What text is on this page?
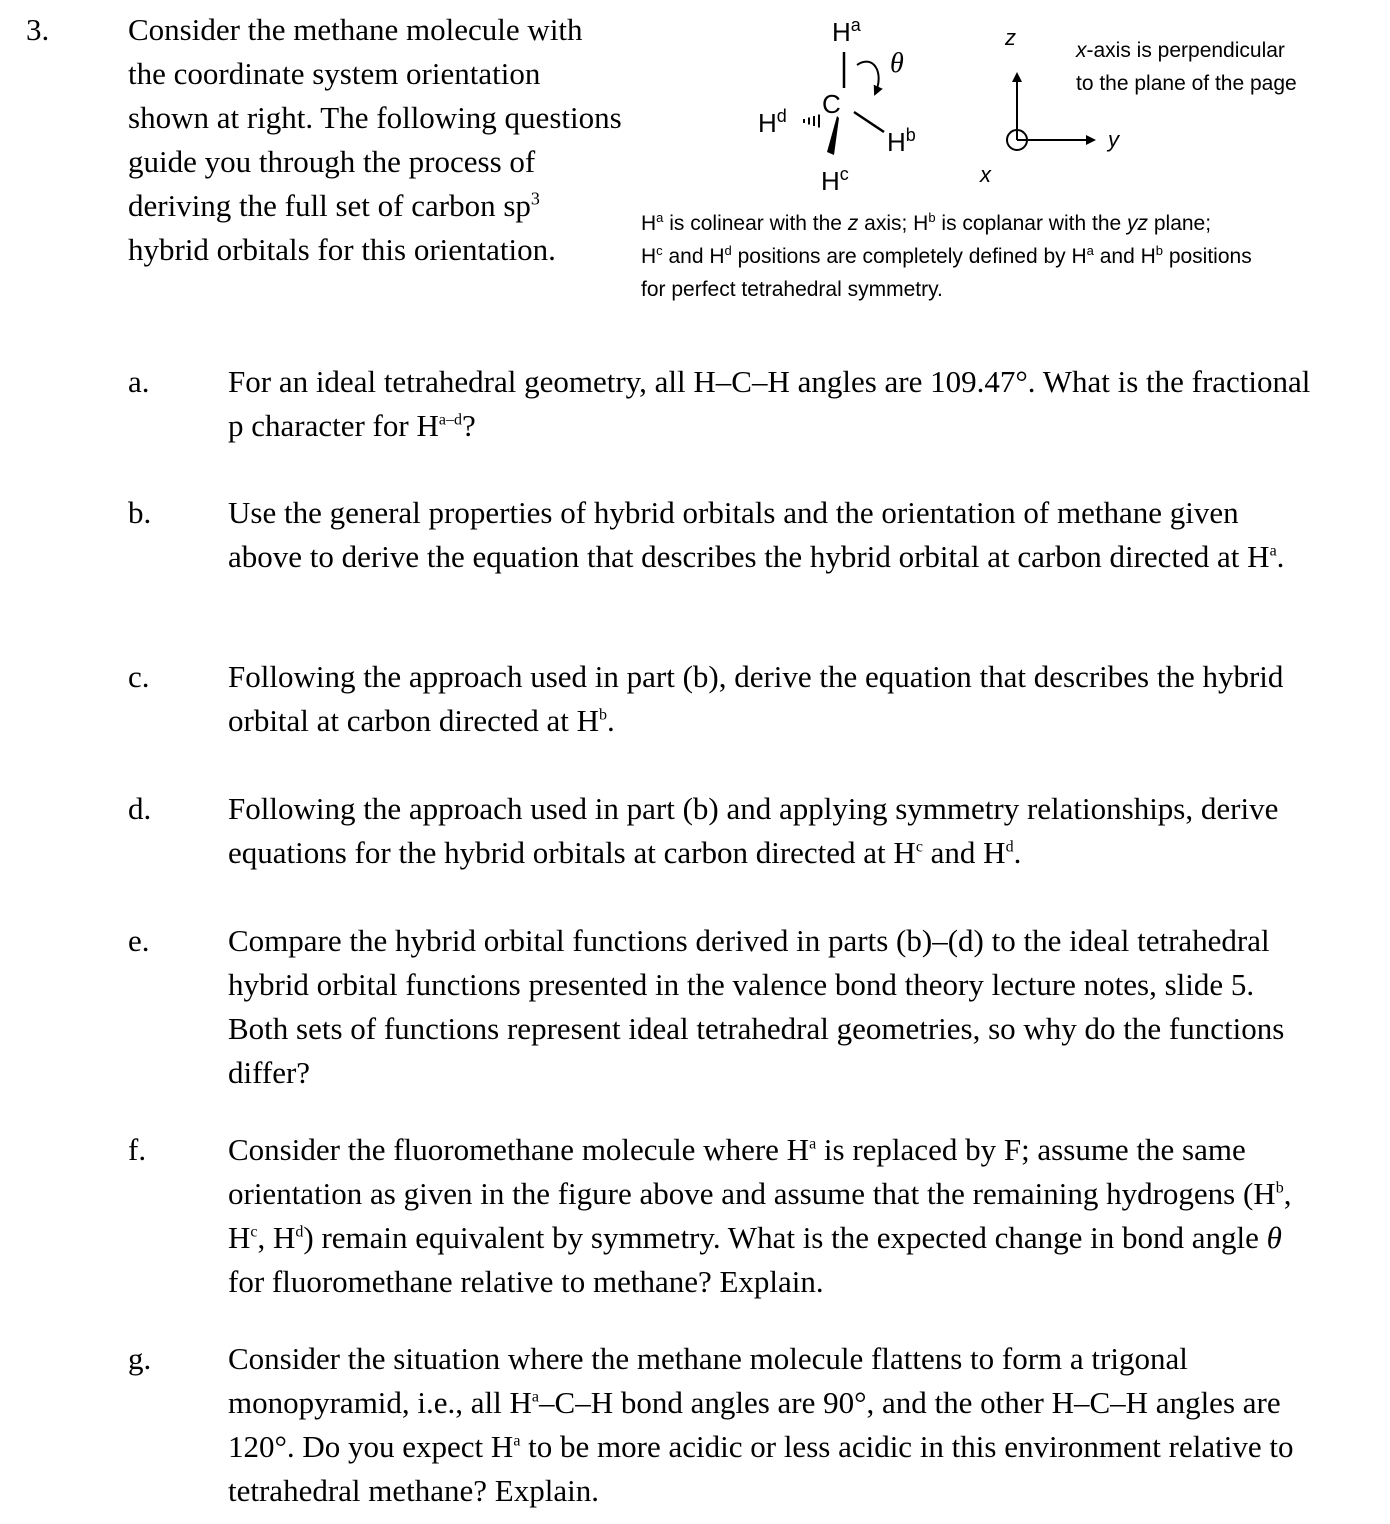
3.	Consider the methane molecule with the coordinate system orientation shown at right. The following questions guide you through the process of deriving the full set of carbon $sp^3$ hybrid orbitals for this orientation.
$H^a$
$H^d$ C
$H^b$
$H^c$
θ
z
y
x
x-axis is perpendicular
to the plane of the page
$H^a$ is colinear with the z axis; $H^b$ is coplanar with the yz plane;
$H^c$ and $H^d$ positions are completely defined by $H^a$ and $H^b$ positions
for perfect tetrahedral symmetry.
a.	For an ideal tetrahedral geometry, all H–C–H angles are 109.47°. What is the fractional p character for $H^{a-d}$?
b. Use the general properties of hybrid orbitals and the orientation of methane given above to derive the equation that describes the hybrid orbital at carbon directed at $H^a$.
c.	Following the approach used in part (b), derive the equation that describes the hybrid orbital at carbon directed at $H^b$.
d. Following the approach used in part (b) and applying symmetry relationships, derive equations for the hybrid orbitals at carbon directed at $H^c$ and $H^d$.
e.	Compare the hybrid orbital functions derived in parts (b)–(d) to the ideal tetrahedral hybrid orbital functions presented in the valence bond theory lecture notes, slide 5. Both sets of functions represent ideal tetrahedral geometries, so why do the functions differ?
f.	Consider the fluoromethane molecule where $H^a$ is replaced by F; assume the same orientation as given in the figure above and assume that the remaining hydrogens ($H^b$, $H^c$, $H^d$) remain equivalent by symmetry. What is the expected change in bond angle θ for fluoromethane relative to methane? Explain.
g. Consider the situation where the methane molecule flattens to form a trigonal monopyramid, i.e., all $H^a-C-H$ bond angles are 90°, and the other H–C–H angles are 120°. Do you expect $H^a$ to be more acidic or less acidic in this environment relative to tetrahedral methane? Explain.
